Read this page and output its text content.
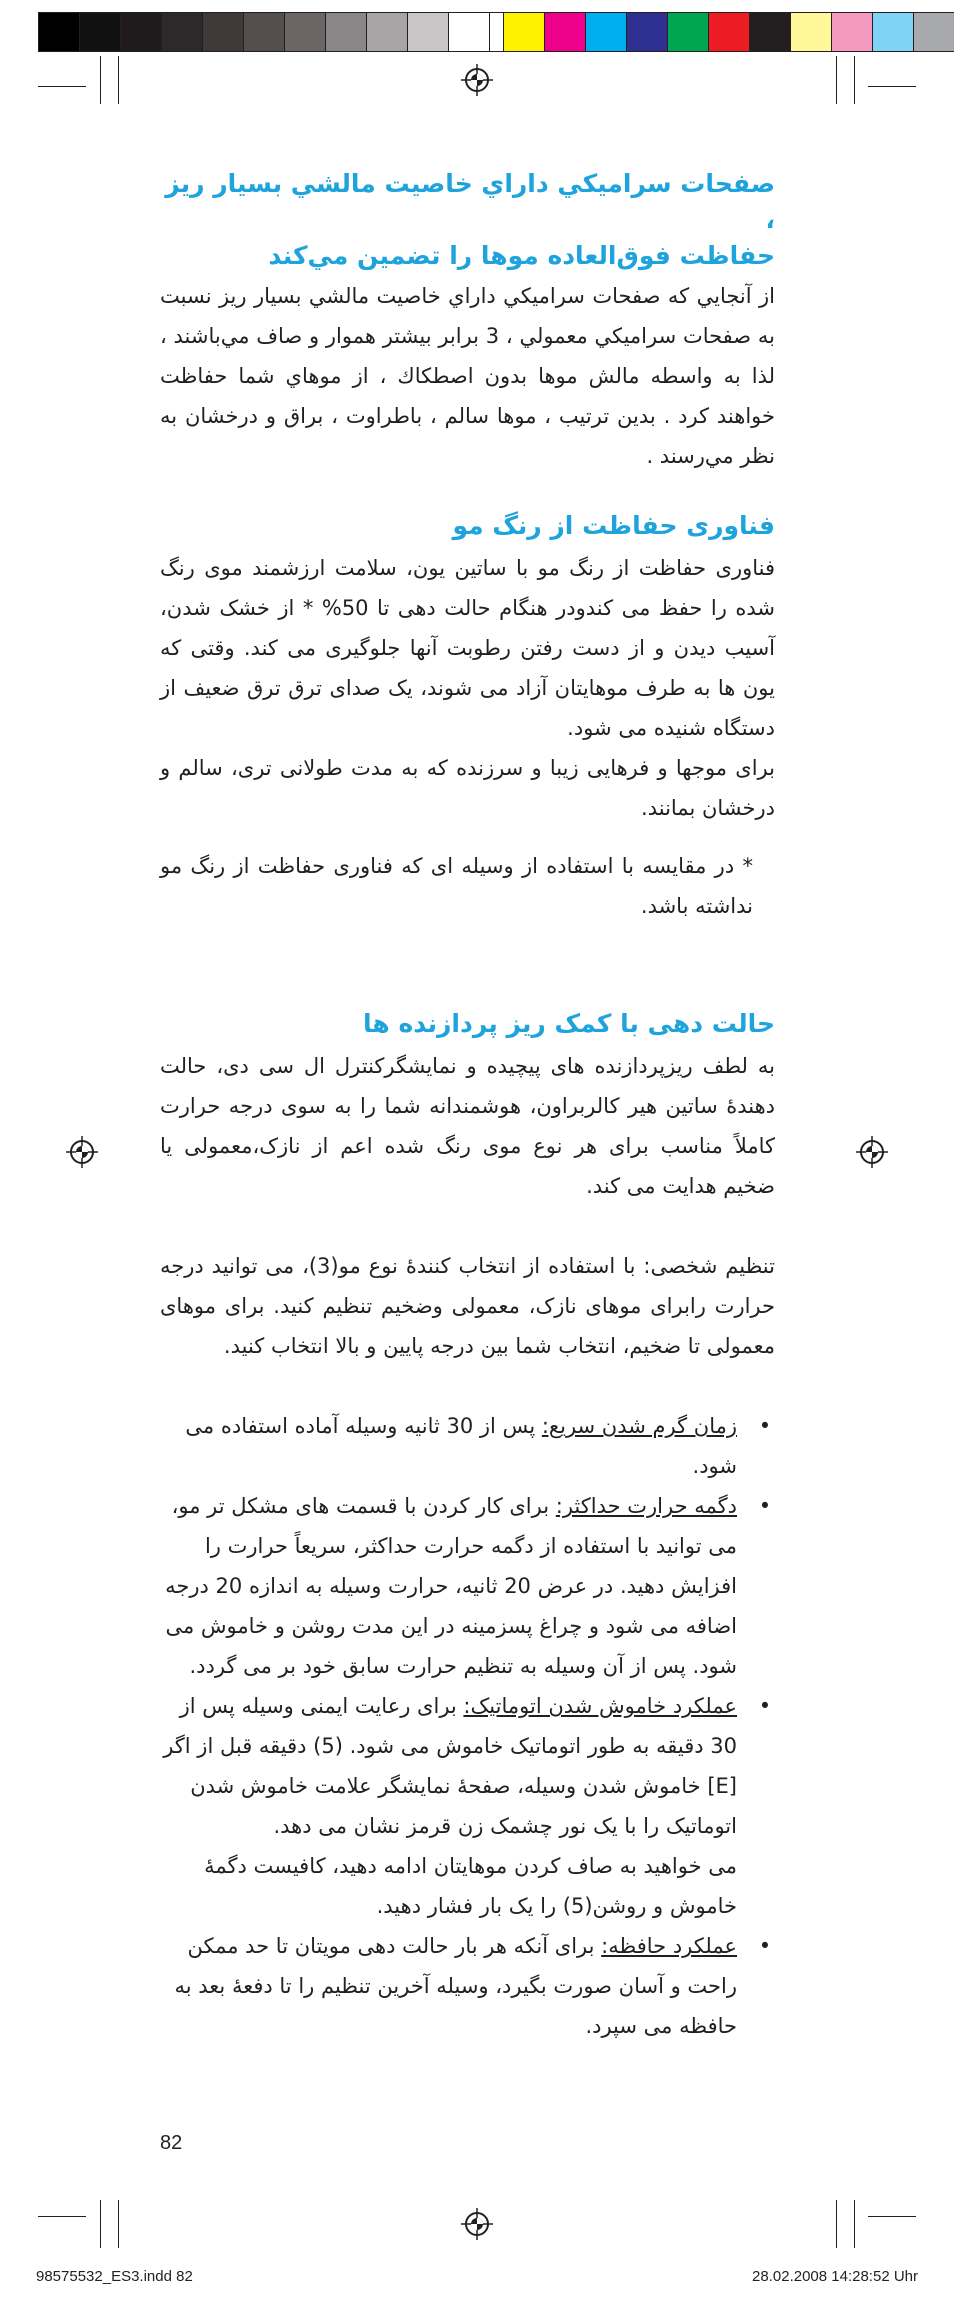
صفحات سراميكي داراي خاصيت مالشي بسيار ريز ،

حفاظت فوق‌العاده موها را تضمين مي‌كند

از آنجايي كه صفحات سراميكي داراي خاصيت مالشي بسيار ريز نسبت به صفحات سراميكي معمولي ، 3 برابر بيشتر هموار و صاف مي‌باشند ، لذا به واسطه مالش موها بدون اصطكاك ، از موهاي شما حفاظت خواهند كرد . بدين ترتيب ، موها سالم ، باطراوت ، براق و درخشان به نظر مي‌رسند .

فناوری حفاظت از رنگ مو

فناوری حفاظت از رنگ مو با ساتین یون، سلامت ارزشمند موی رنگ شده را حفظ می کندودر هنگام حالت دهی تا 50% * از خشک شدن، آسیب دیدن و از دست رفتن رطوبت آنها جلوگیری می کند. وقتی که یون ها به طرف موهایتان آزاد می شوند، یک صدای ترق ترق ضعیف از دستگاه شنیده می شود.

برای موجها و فرهایی زیبا و سرزنده که به مدت طولانی تری، سالم و درخشان بمانند.

* در مقایسه با استفاده از وسیله ای که فناوری حفاظت از رنگ مو نداشته باشد.

حالت دهی با کمک ریز پردازنده ها

به لطف ریزپردازنده های پیچیده و نمایشگرکنترل ال سی دی، حالت دهندهٔ ساتین هیر کالربراون، هوشمندانه شما را به سوی درجه حرارت کاملاً مناسب برای هر نوع موی رنگ شده اعم از نازک،معمولی یا ضخیم هدایت می کند.

تنظیم شخصی: با استفاده از انتخاب کنندهٔ نوع مو(3)، می توانید درجه حرارت رابرای موهای نازک، معمولی وضخیم تنظیم کنید. برای موهای معمولی تا ضخیم، انتخاب شما بین درجه پایین و بالا انتخاب کنید.

•
زمان گرم شدن سریع: پس از 30 ثانیه وسیله آماده استفاده می شود.
•
دگمه حرارت حداکثر: برای کار کردن با قسمت های مشکل تر مو، می توانید با استفاده از دگمه حرارت حداکثر، سریعاً حرارت را افزایش دهید. در عرض 20 ثانیه، حرارت وسیله به اندازه 20 درجه اضافه می شود و چراغ پسزمینه در این مدت روشن و خاموش می شود. پس از آن وسیله به تنظیم حرارت سابق خود بر می گردد.
•
عملکرد خاموش شدن اتوماتیک: برای رعایت ایمنی وسیله پس از 30 دقیقه به طور اتوماتیک خاموش می شود. (5) دقیقه قبل از اگر [E] خاموش شدن وسیله، صفحهٔ نمایشگر علامت خاموش شدن اتوماتیک را با یک نور چشمک زن قرمز نشان می دهد.
می خواهید به صاف کردن موهایتان ادامه دهید، کافیست دگمهٔ خاموش و روشن(5) را یک بار فشار دهید.
•
عملکرد حافظه: برای آنکه هر بار حالت دهی مویتان تا حد ممکن راحت و آسان صورت بگیرد، وسیله آخرین تنظیم را تا دفعهٔ بعد به حافظه می سپرد.
82
98575532_ES3.indd 82	28.02.2008 14:28:52 Uhr
